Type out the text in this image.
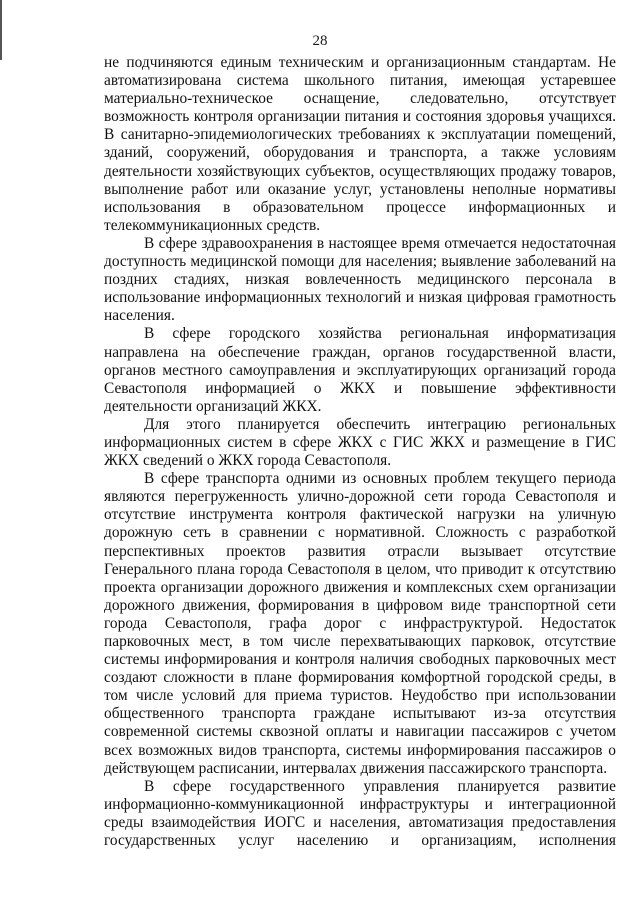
28

не подчиняются единым техническим и организационным стандартам. Не автоматизирована система школьного питания, имеющая устаревшее материально-техническое оснащение, следовательно, отсутствует возможность контроля организации питания и состояния здоровья учащихся. В санитарно-эпидемиологических требованиях к эксплуатации помещений, зданий, сооружений, оборудования и транспорта, а также условиям деятельности хозяйствующих субъектов, осуществляющих продажу товаров, выполнение работ или оказание услуг, установлены неполные нормативы использования в образовательном процессе информационных и телекоммуникационных средств.

В сфере здравоохранения в настоящее время отмечается недостаточная доступность медицинской помощи для населения; выявление заболеваний на поздних стадиях, низкая вовлеченность медицинского персонала в использование информационных технологий и низкая цифровая грамотность населения.

В сфере городского хозяйства региональная информатизация направлена на обеспечение граждан, органов государственной власти, органов местного самоуправления и эксплуатирующих организаций города Севастополя информацией о ЖКХ и повышение эффективности деятельности организаций ЖКХ.

Для этого планируется обеспечить интеграцию региональных информационных систем в сфере ЖКХ с ГИС ЖКХ и размещение в ГИС ЖКХ сведений о ЖКХ города Севастополя.

В сфере транспорта одними из основных проблем текущего периода являются перегруженность улично-дорожной сети города Севастополя и отсутствие инструмента контроля фактической нагрузки на уличную дорожную сеть в сравнении с нормативной. Сложность с разработкой перспективных проектов развития отрасли вызывает отсутствие Генерального плана города Севастополя в целом, что приводит к отсутствию проекта организации дорожного движения и комплексных схем организации дорожного движения, формирования в цифровом виде транспортной сети города Севастополя, графа дорог с инфраструктурой. Недостаток парковочных мест, в том числе перехватывающих парковок, отсутствие системы информирования и контроля наличия свободных парковочных мест создают сложности в плане формирования комфортной городской среды, в том числе условий для приема туристов. Неудобство при использовании общественного транспорта граждане испытывают из-за отсутствия современной системы сквозной оплаты и навигации пассажиров с учетом всех возможных видов транспорта, системы информирования пассажиров о действующем расписании, интервалах движения пассажирского транспорта.

В сфере государственного управления планируется развитие информационно-коммуникационной инфраструктуры и интеграционной среды взаимодействия ИОГС и населения, автоматизация предоставления государственных услуг населению и организациям, исполнения
